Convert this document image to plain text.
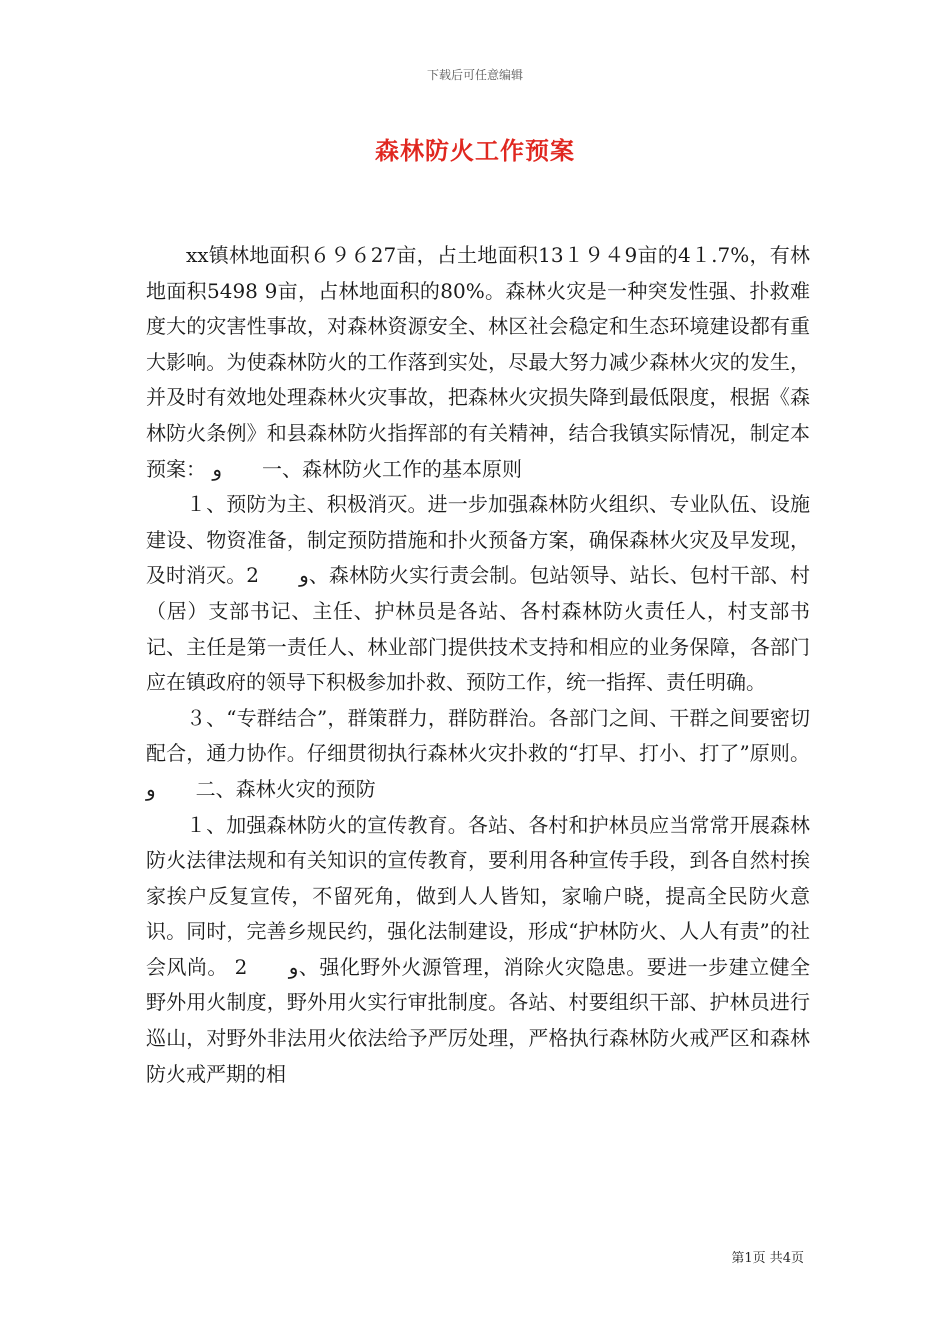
下载后可任意编辑
森林防火工作预案

xx镇林地面积６９６27亩，占土地面积13１９４9亩的4１.7%，有林地面积5498 9亩，占林地面积的80%。森林火灾是一种突发性强、扑救难度大的灾害性事故，对森林资源安全、林区社会稳定和生态环境建设都有重大影响。为使森林防火的工作落到实处，尽最大努力减少森林火灾的发生，并及时有效地处理森林火灾事故，把森林火灾损失降到最低限度，根据《森林防火条例》和县森林防火指挥部的有关精神，结合我镇实际情况，制定本预案： و　　一、森林防火工作的基本原则

１、预防为主、积极消灭。进一步加强森林防火组织、专业队伍、设施建设、物资准备，制定预防措施和扑火预备方案，确保森林火灾及早发现，及时消灭。2　　و、森林防火实行责会制。包站领导、站长、包村干部、村（居）支部书记、主任、护林员是各站、各村森林防火责任人，村支部书记、主任是第一责任人、林业部门提供技术支持和相应的业务保障，各部门应在镇政府的领导下积极参加扑救、预防工作，统一指挥、责任明确。

３、“专群结合”，群策群力，群防群治。各部门之间、干群之间要密切配合，通力协作。仔细贯彻执行森林火灾扑救的“打早、打小、打了”原则。و　　二、森林火灾的预防

１、加强森林防火的宣传教育。各站、各村和护林员应当常常开展森林防火法律法规和有关知识的宣传教育，要利用各种宣传手段，到各自然村挨家挨户反复宣传，不留死角，做到人人皆知，家喻户晓，提高全民防火意识。同时，完善乡规民约，强化法制建设，形成“护林防火、人人有责”的社会风尚。 2　　و、强化野外火源管理，消除火灾隐患。要进一步建立健全野外用火制度，野外用火实行审批制度。各站、村要组织干部、护林员进行巡山，对野外非法用火依法给予严厉处理，严格执行森林防火戒严区和森林防火戒严期的相

第1页 共4页
